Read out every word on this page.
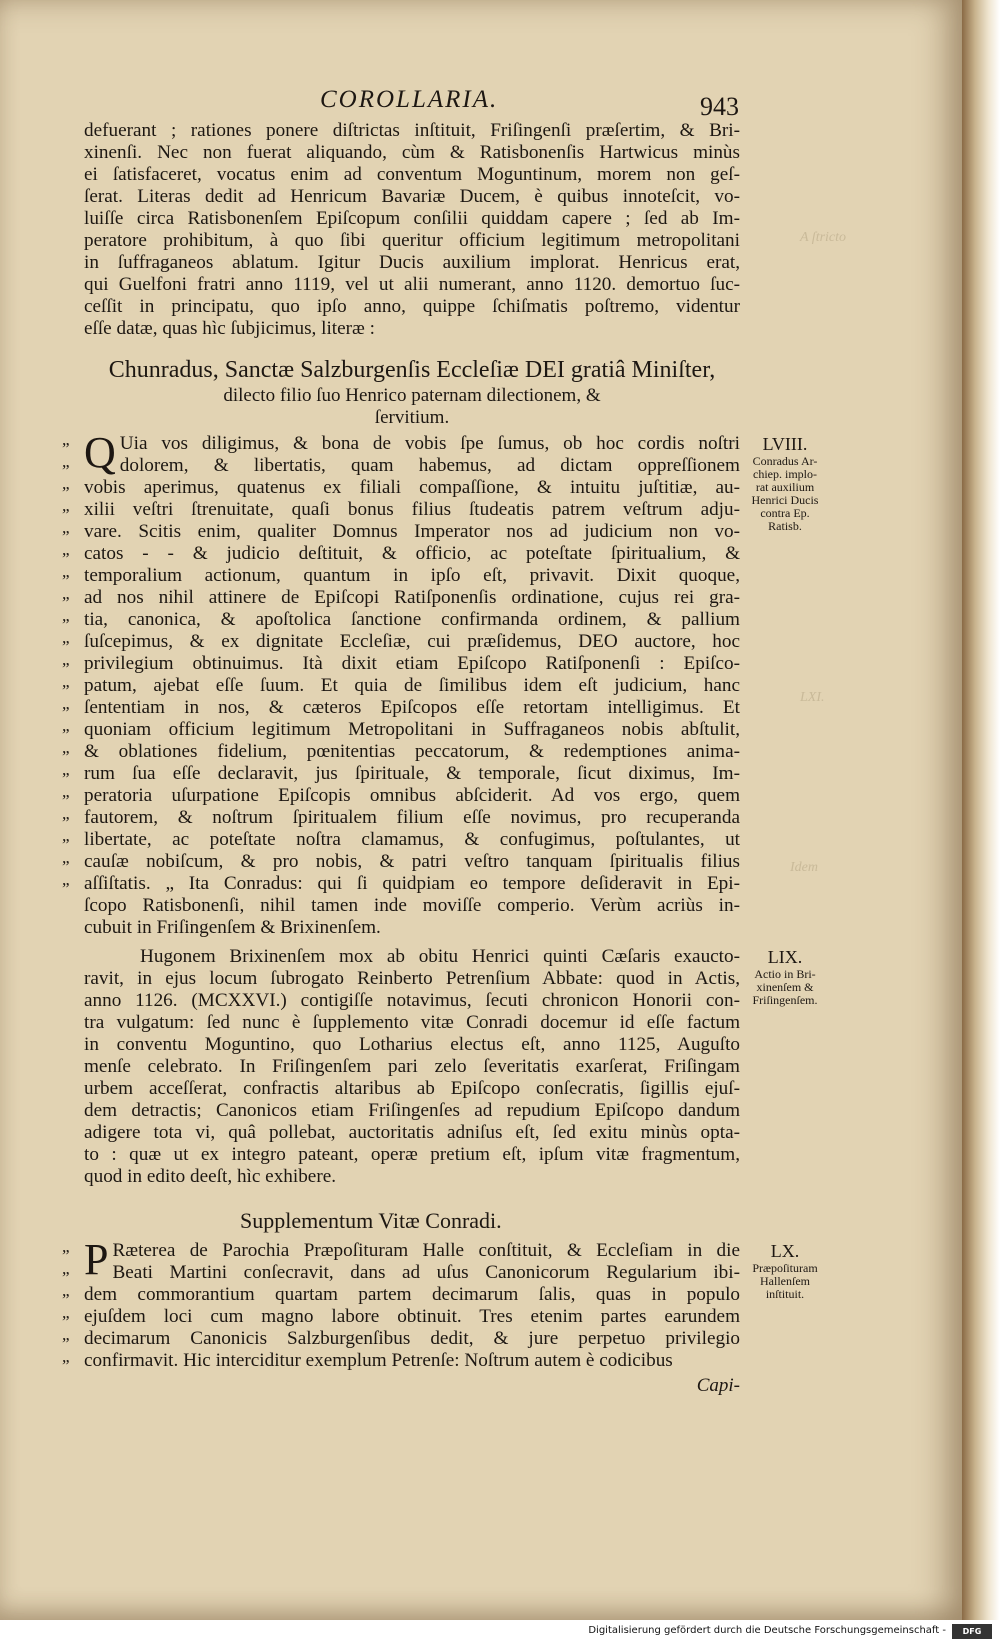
A ſtricto
LXI.
Idem
COROLLARIA.	943
defuerant ; rationes ponere diſtrictas inſtituit, Friſingenſi præſertim, & Bri-
xinenſi. Nec non fuerat aliquando, cùm & Ratisbonenſis Hartwicus minùs
ei ſatisfaceret, vocatus enim ad conventum Moguntinum, morem non geſ-
ſerat. Literas dedit ad Henricum Bavariæ Ducem, è quibus innoteſcit, vo-
luiſſe circa Ratisbonenſem Epiſcopum conſilii quiddam capere ; ſed ab Im-
peratore prohibitum, à quo ſibi queritur officium legitimum metropolitani
in ſuffraganeos ablatum. Igitur Ducis auxilium implorat. Henricus erat,
qui Guelfoni fratri anno 1119, vel ut alii numerant, anno 1120. demortuo ſuc-
ceſſit in principatu, quo ipſo anno, quippe ſchiſmatis poſtremo, videntur
eſſe datæ, quas hìc ſubjicimus, literæ :
Chunradus, Sanctæ Salzburgenſis Eccleſiæ DEI gratiâ Miniſter,
dilecto filio ſuo Henrico paternam dilectionem, &
ſervitium.
Q „ Uia vos diligimus, & bona de vobis ſpe ſumus, ob hoc cordis noſtri
„ dolorem, & libertatis, quam habemus, ad dictam oppreſſionem
„ vobis aperimus, quatenus ex filiali compaſſione, & intuitu juſtitiæ, au-
„ xilii veſtri ſtrenuitate, quaſi bonus filius ſtudeatis patrem veſtrum adju-
„ vare. Scitis enim, qualiter Domnus Imperator nos ad judicium non vo-
„ catos - - & judicio deſtituit, & officio, ac poteſtate ſpiritualium, &
„ temporalium actionum, quantum in ipſo eſt, privavit. Dixit quoque,
„ ad nos nihil attinere de Epiſcopi Ratiſponenſis ordinatione, cujus rei gra-
„ tia, canonica, & apoſtolica ſanctione confirmanda ordinem, & pallium
„ ſuſcepimus, & ex dignitate Eccleſiæ, cui præſidemus, DEO auctore, hoc
„ privilegium obtinuimus. Ità dixit etiam Epiſcopo Ratiſponenſi : Epiſco-
„ patum, ajebat eſſe ſuum. Et quia de ſimilibus idem eſt judicium, hanc
„ ſententiam in nos, & cæteros Epiſcopos eſſe retortam intelligimus. Et
„ quoniam officium legitimum Metropolitani in Suffraganeos nobis abſtulit,
„ & oblationes fidelium, pœnitentias peccatorum, & redemptiones anima-
„ rum ſua eſſe declaravit, jus ſpirituale, & temporale, ſicut diximus, Im-
„ peratoria uſurpatione Epiſcopis omnibus abſciderit. Ad vos ergo, quem
„ fautorem, & noſtrum ſpiritualem filium eſſe novimus, pro recuperanda
„ libertate, ac poteſtate noſtra clamamus, & confugimus, poſtulantes, ut
„ cauſæ nobiſcum, & pro nobis, & patri veſtro tanquam ſpiritualis filius
„ aſſiſtatis. „ Ita Conradus: qui ſi quidpiam eo tempore deſideravit in Epi-
ſcopo Ratisbonenſi, nihil tamen inde moviſſe comperio. Verùm acriùs in-
cubuit in Friſingenſem & Brixinenſem.
Hugonem Brixinenſem mox ab obitu Henrici quinti Cæſaris exaucto-
ravit, in ejus locum ſubrogato Reinberto Petrenſium Abbate: quod in Actis,
anno 1126. (MCXXVI.) contigiſſe notavimus, ſecuti chronicon Honorii con-
tra vulgatum: ſed nunc è ſupplemento vitæ Conradi docemur id eſſe factum
in conventu Moguntino, quo Lotharius electus eſt, anno 1125, Auguſto
menſe celebrato. In Friſingenſem pari zelo ſeveritatis exarſerat, Friſingam
urbem acceſſerat, confractis altaribus ab Epiſcopo conſecratis, ſigillis ejuſ-
dem detractis; Canonicos etiam Friſingenſes ad repudium Epiſcopo dandum
adigere tota vi, quâ pollebat, auctoritatis adniſus eſt, ſed exitu minùs opta-
to : quæ ut ex integro pateant, operæ pretium eſt, ipſum vitæ fragmentum,
quod in edito deeſt, hìc exhibere.
Supplementum Vitæ Conradi.
P „ Ræterea de Parochia Præpoſituram Halle conſtituit, & Eccleſiam in die
„ Beati Martini conſecravit, dans ad uſus Canonicorum Regularium ibi-
„ dem commorantium quartam partem decimarum ſalis, quas in populo
„ ejuſdem loci cum magno labore obtinuit. Tres etenim partes earundem
„ decimarum Canonicis Salzburgenſibus dedit, & jure perpetuo privilegio
„ confirmavit. Hic interciditur exemplum Petrenſe: Noſtrum autem è codicibus
Capi-
LVIII.
Conradus Ar-
chiep. implo-
rat auxilium
Henrici Ducis
contra Ep.
Ratisb.
LIX.
Actio in Bri-
xinenſem &
Friſingenſem.
LX.
Præpoſituram
Hallenſem
inſtituit.
Digitalisierung gefördert durch die Deutsche Forschungsgemeinschaft -	DFG
